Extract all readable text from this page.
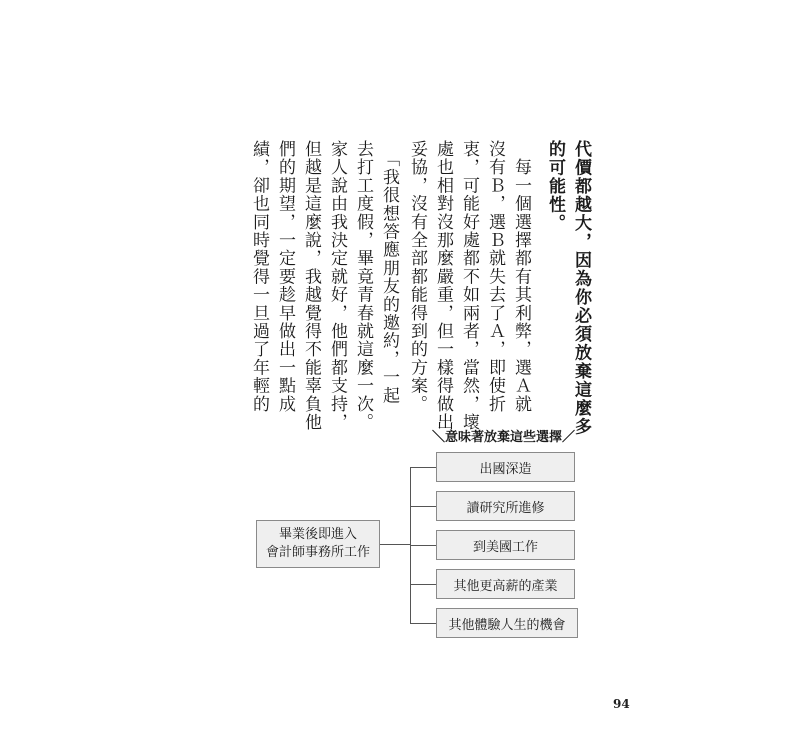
代價都越大，因為你必須放棄這麼多
的可能性。
　每一個選擇都有其利弊，選Ａ就
沒有Ｂ，選Ｂ就失去了Ａ，即使折
衷，可能好處都不如兩者，當然，壞
處也相對沒那麼嚴重，但一樣得做出
妥協，沒有全部都能得到的方案。
　「我很想答應朋友的邀約，一起
去打工度假，畢竟青春就這麼一次。
家人說由我決定就好，他們都支持，
但越是這麼說，我越覺得不能辜負他
們的期望，一定要趁早做出一點成
績，卻也同時覺得一旦過了年輕的
＼意味著放棄這些選擇／
畢業後即進入
會計師事務所工作
出國深造
讀研究所進修
到美國工作
其他更高薪的產業
其他體驗人生的機會
94
